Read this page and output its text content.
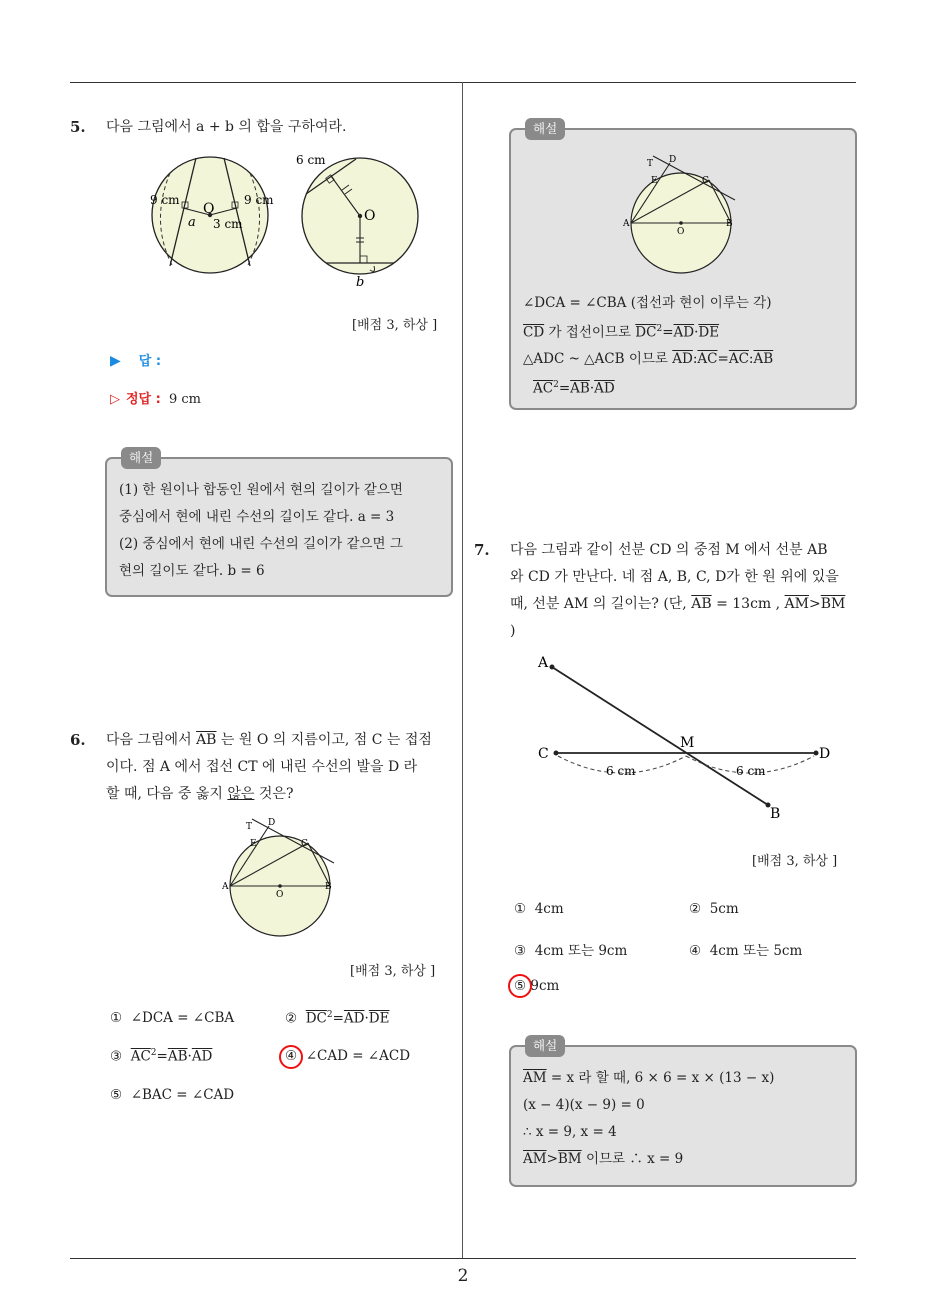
5. 다음 그림에서 a + b 의 합을 구하여라.
9 cm	9 cm
O
a 3 cm
6 cm
O
b
[배점 3, 하상 ]
▶ 답 :
▷ 정답 : 9 cm
해설
(1) 한 원이나 합동인 원에서 현의 길이가 같으면
중심에서 현에 내린 수선의 길이도 같다. a = 3
(2) 중심에서 현에 내린 수선의 길이가 같으면 그
현의 길이도 같다. b = 6
6. 다음 그림에서 $\overline{AB}$ 는 원 O 의 지름이고, 점 C 는 접점
이다. 점 A 에서 접선 CT 에 내린 수선의 발을 D 라
할 때, 다음 중 옳지 않은 것은?
T D
E	C
A	B
O
[배점 3, 하상 ]
① ∠DCA = ∠CBA	② $\overline{DC}^2=\overline{AD}\cdot\overline{DE}$
③ $\overline{AC}^2=\overline{AB}\cdot\overline{AD}$	④ ∠CAD = ∠ACD
⑤ ∠BAC = ∠CAD
해설
T D
E	C
A	B
O
∠DCA = ∠CBA (접선과 현이 이루는 각)
$\overline{CD}$ 가 접선이므로 $\overline{DC}^2=\overline{AD}\cdot\overline{DE}$
△ADC ~ △ACB 이므로 $\overline{AD}:\overline{AC}=\overline{AC}:\overline{AB}$
$\overline{AC}^2=\overline{AB}\cdot\overline{AD}$
7. 다음 그림과 같이 선분 CD 의 중점 M 에서 선분 AB
와 CD 가 만난다. 네 점 A, B, C, D가 한 원 위에 있을
때, 선분 AM 의 길이는? (단, $\overline{AB} = 13cm$ , $\overline{AM}>\overline{BM}$
)
A
B
C	D
M
6 cm	6 cm
[배점 3, 하상 ]
① 4cm	② 5cm
③ 4cm 또는 9cm	④ 4cm 또는 5cm
⑤ 9cm
해설
$\overline{AM} = x$ 라 할 때, 6 × 6 = x × (13 − x)
(x − 4)(x − 9) = 0
∴ x = 9, x = 4
$\overline{AM}>\overline{BM}$ 이므로 ∴ x = 9
2
